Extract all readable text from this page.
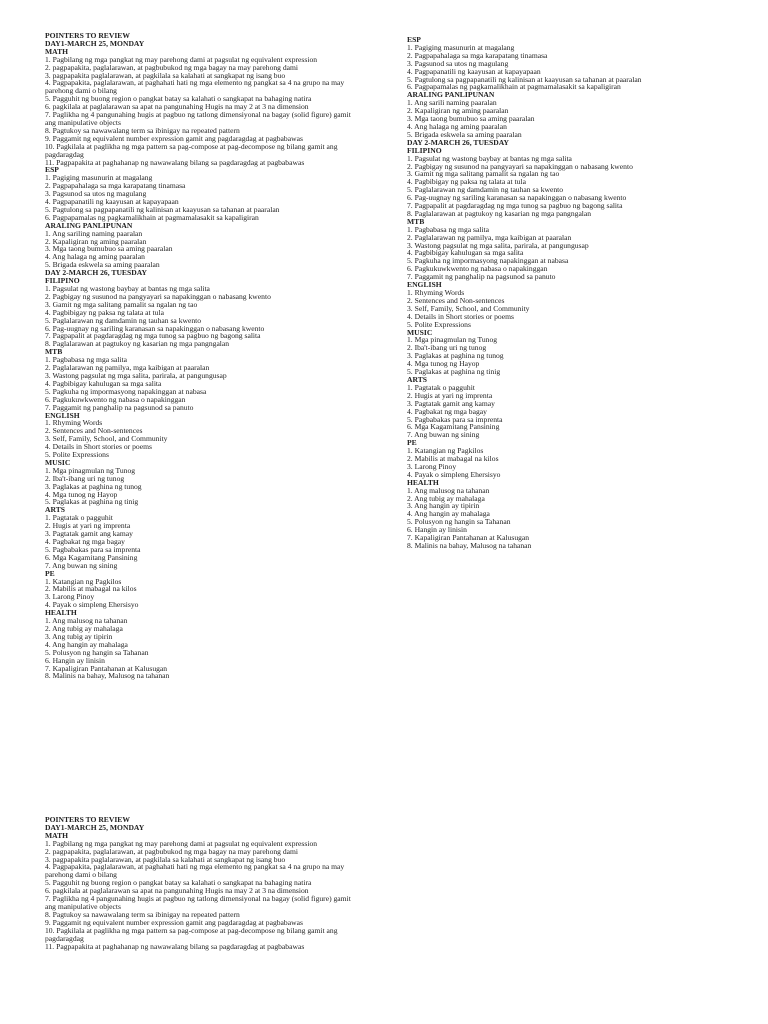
POINTERS TO REVIEW
DAY1-MARCH 25, MONDAY
MATH
1. Pagbilang ng mga pangkat ng may parehong dami at pagsulat ng equivalent expression
2. pagpapakita, paglalarawan, at pagbubukod ng mga bagay na may parehong dami
3. pagpapakita paglalarawan, at pagkilala sa kalahati at sangkapat ng isang buo
4. Pagpapakita, paglalarawan, at paghahati hati ng mga elemento ng pangkat sa 4 na grupo na may parehong dami o bilang
5. Pagguhit ng buong region o pangkat batay sa kalahati o sangkapat na bahaging natira
6. pagkilala at paglalarawan sa apat na pangunahing Hugis na may 2 at 3 na dimension
7. Paglikha ng 4 pangunahing hugis at pagbuo ng tatlong dimensiyonal na bagay (solid figure) gamit ang manipulative objects
8. Pagtukoy sa nawawalang term sa ibinigay na repeated pattern
9. Paggamit ng equivalent number expression gamit ang pagdaragdag at pagbabawas
10. Pagkilala at paglikha ng mga pattern sa pag-compose at pag-decompose ng bilang gamit ang pagdaragdag
11. Pagpapakita at paghahanap ng nawawalang bilang sa pagdaragdag at pagbabawas
ESP
1. Pagiging masunurin at magalang
2. Pagpapahalaga sa mga karapatang tinamasa
3. Pagsunod sa utos ng magulang
4. Pagpapanatili ng kaayusan at kapayapaan
5. Pagtulong sa pagpapanatili ng kalinisan at kaayusan sa tahanan at paaralan
6. Pagpapamalas ng pagkamalikhain at pagmamalasakit sa kapaligiran
ARALING PANLIPUNAN
1. Ang sariling naming paaralan
2. Kapaligiran ng aming paaralan
3. Mga taong bumubuo sa aming paaralan
4. Ang halaga ng aming paaralan
5. Brigada eskwela sa aming paaralan
DAY 2-MARCH 26, TUESDAY
FILIPINO
1. Pagsulat ng wastong baybay at bantas ng mga salita
2. Pagbigay ng susunod na pangyayari sa napakinggan o nabasang kwento
3. Gamit ng mga salitang pamalit sa ngalan ng tao
4. Pagbibigay ng paksa ng talata at tula
5. Paglalarawan ng damdamin ng tauhan sa kwento
6. Pag-uugnay ng sariling karanasan sa napakinggan o nabasang kwento
7. Pagpapalit at pagdaragdag ng mga tunog sa pagbuo ng bagong salita
8. Paglalarawan at pagtukoy ng kasarian ng mga pangngalan
MTB
1. Pagbabasa ng mga salita
2. Paglalarawan ng pamilya, mga kaibigan at paaralan
3. Wastong pagsulat ng mga salita, parirala, at pangungusap
4. Pagbibigay kahulugan sa mga salita
5. Pagkuha ng impormasyong napakinggan at nabasa
6. Pagkukuwkwento ng nabasa o napakinggan
7. Paggamit ng panghalip na pagsunod sa panuto
ENGLISH
1. Rhyming Words
2. Sentences and Non-sentences
3. Self, Family, School, and Community
4. Details in Short stories or poems
5. Polite Expressions
MUSIC
1. Mga pinagmulan ng Tunog
2. Iba't-ibang uri ng tunog
3. Paglakas at paghina ng tunog
4. Mga tunog ng Hayop
5. Paglakas at paghina ng tinig
ARTS
1. Pagtatak o pagguhit
2. Hugis at yari ng imprenta
3. Pagtatak gamit ang kamay
4. Pagbakat ng mga bagay
5. Pagbabakas para sa imprenta
6. Mga Kagamitang Pansining
7. Ang buwan ng sining
PE
1. Katangian ng Pagkilos
2. Mabilis at mabagal na kilos
3. Larong Pinoy
4. Payak o simpleng Ehersisyo
HEALTH
1. Ang malusog na tahanan
2. Ang tubig ay mahalaga
3. Ang tubig ay tipirin
4. Ang hangin ay mahalaga
5. Polusyon ng hangin sa Tahanan
6. Hangin ay linisin
7. Kapaligiran Pantahanan at Kalusugan
8. Malinis na bahay, Malusog na tahanan
ESP
1. Pagiging masunurin at magalang
2. Pagpapahalaga sa mga karapatang tinamasa
3. Pagsunod sa utos ng magulang
4. Pagpapanatili ng kaayusan at kapayapaan
5. Pagtulong sa pagpapanatili ng kalinisan at kaayusan sa tahanan at paaralan
6. Pagpapamalas ng pagkamalikhain at pagmamalasakit sa kapaligiran
ARALING PANLIPUNAN
1. Ang sarili naming paaralan
2. Kapaligiran ng aming paaralan
3. Mga taong bumubuo sa aming paaralan
4. Ang halaga ng aming paaralan
5. Brigada eskwela sa aming paaralan
DAY 2-MARCH 26, TUESDAY
FILIPINO
1. Pagsulat ng wastong baybay at bantas ng mga salita
2. Pagbigay ng susunod na pangyayari sa napakinggan o nabasang kwento
3. Gamit ng mga salitang pamalit sa ngalan ng tao
4. Pagbibigay ng paksa ng talata at tula
5. Paglalarawan ng damdamin ng tauhan sa kwento
6. Pag-uugnay ng sariling karanasan sa napakinggan o nabasang kwento
7. Pagpapalit at pagdaragdag ng mga tunog sa pagbuo ng bagong salita
8. Paglalarawan at pagtukoy ng kasarian ng mga pangngalan
MTB
1. Pagbabasa ng mga salita
2. Paglalarawan ng pamilya, mga kaibigan at paaralan
3. Wastong pagsulat ng mga salita, parirala, at pangungusap
4. Pagbibigay kahulugan sa mga salita
5. Pagkuha ng impormasyong napakinggan at nabasa
6. Pagkukuwkwento ng nabasa o napakinggan
7. Paggamit ng panghalip na pagsunod sa panuto
ENGLISH
1. Rhyming Words
2. Sentences and Non-sentences
3. Self, Family, School, and Community
4. Details in Short stories or poems
5. Polite Expressions
MUSIC
1. Mga pinagmulan ng Tunog
2. Iba't-ibang uri ng tunog
3. Paglakas at paghina ng tunog
4. Mga tunog ng Hayop
5. Paglakas at paghina ng tinig
ARTS
1. Pagtatak o pagguhit
2. Hugis at yari ng imprenta
3. Pagtatak gamit ang kamay
4. Pagbakat ng mga bagay
5. Pagbabakas para sa imprenta
6. Mga Kagamitang Pansining
7. Ang buwan ng sining
PE
1. Katangian ng Pagkilos
2. Mabilis at mabagal na kilos
3. Larong Pinoy
4. Payak o simpleng Ehersisyo
HEALTH
1. Ang malusog na tahanan
2. Ang tubig ay mahalaga
3. Ang hangin ay tipirin
4. Ang hangin ay mahalaga
5. Polusyon ng hangin sa Tahanan
6. Hangin ay linisin
7. Kapaligiran Pantahanan at Kalusugan
8. Malinis na bahay, Malusog na tahanan
POINTERS TO REVIEW
DAY1-MARCH 25, MONDAY
MATH
1. Pagbilang ng mga pangkat ng may parehong dami at pagsulat ng equivalent expression
2. pagpapakita, paglalarawan, at pagbubukod ng mga bagay na may parehong dami
3. pagpapakita paglalarawan, at pagkilala sa kalahati at sangkapat ng isang buo
4. Pagpapakita, paglalarawan, at paghahati hati ng mga elemento ng pangkat sa 4 na grupo na may parehong dami o bilang
5. Pagguhit ng buong region o pangkat batay sa kalahati o sangkapat na bahaging natira
6. pagkilala at paglalarawan sa apat na pangunahing Hugis na may 2 at 3 na dimension
7. Paglikha ng 4 pangunahing hugis at pagbuo ng tatlong dimensiyonal na bagay (solid figure) gamit ang manipulative objects
8. Pagtukoy sa nawawalang term sa ibinigay na repeated pattern
9. Paggamit ng equivalent number expression gamit ang pagdaragdag at pagbabawas
10. Pagkilala at paglikha ng mga pattern sa pag-compose at pag-decompose ng bilang gamit ang pagdaragdag
11. Pagpapakita at paghahanap ng nawawalang bilang sa pagdaragdag at pagbabawas
